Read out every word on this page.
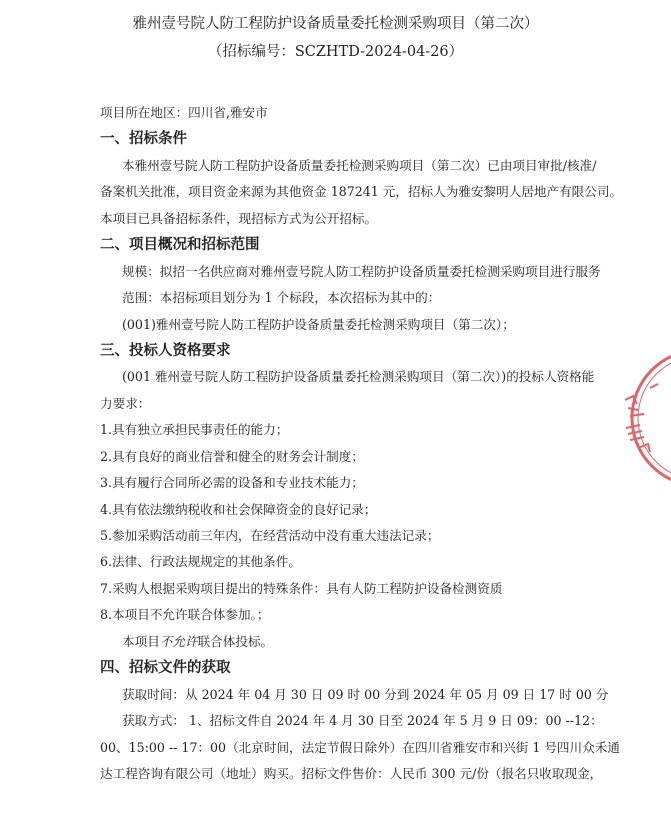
雅州壹号院人防工程防护设备质量委托检测采购项目（第二次）
（招标编号：SCZHTD-2024-04-26）
项目所在地区：四川省,雅安市
一、招标条件
本雅州壹号院人防工程防护设备质量委托检测采购项目（第二次）已由项目审批/核准/
备案机关批准，项目资金来源为其他资金 187241 元，招标人为雅安黎明人居地产有限公司。
本项目已具备招标条件，现招标方式为公开招标。
二、项目概况和招标范围
规模：拟招一名供应商对雅州壹号院人防工程防护设备质量委托检测采购项目进行服务
范围：本招标项目划分为 1 个标段，本次招标为其中的：
(001)雅州壹号院人防工程防护设备质量委托检测采购项目（第二次）；
三、投标人资格要求
(001 雅州壹号院人防工程防护设备质量委托检测采购项目（第二次）)的投标人资格能
力要求：
1.具有独立承担民事责任的能力；
2.具有良好的商业信誉和健全的财务会计制度；
3.具有履行合同所必需的设备和专业技术能力；
4.具有依法缴纳税收和社会保障资金的良好记录；
5.参加采购活动前三年内，在经营活动中没有重大违法记录；
6.法律、行政法规规定的其他条件。
7.采购人根据采购项目提出的特殊条件：具有人防工程防护设备检测资质
8.本项目不允许联合体参加。；
本项目不允许联合体投标。
四、招标文件的获取
获取时间：从 2024 年 04 月 30 日 09 时 00 分到 2024 年 05 月 09 日 17 时 00 分
获取方式： 1、招标文件自 2024 年 4 月 30 日至 2024 年 5 月 9 日 09：00 --12：
00、15:00 -- 17：00（北京时间，法定节假日除外）在四川省雅安市和兴街 1 号四川众禾通
达工程咨询有限公司（地址）购买。招标文件售价：人民币 300 元/份（报名只收取现金，
